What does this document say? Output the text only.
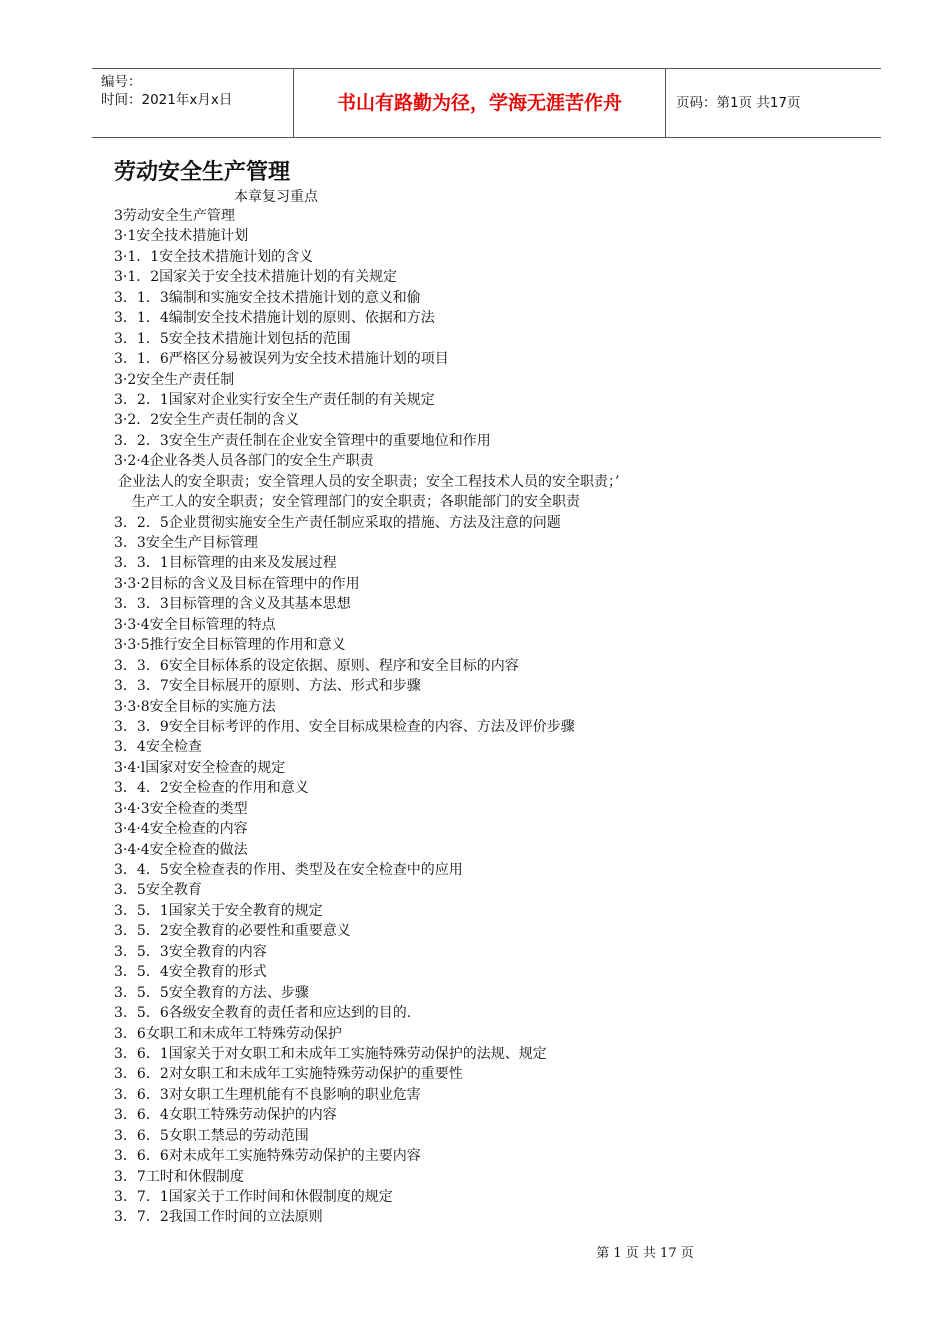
编号：
时间：2021年x月x日	书山有路勤为径，学海无涯苦作舟	页码：第1页 共17页
劳动安全生产管理
本章复习重点
3劳动安全生产管理
3·1安全技术措施计划
3·1．1安全技术措施计划的含义
3·1．2国家关于安全技术措施计划的有关规定
3．1．3编制和实施安全技术措施计划的意义和偷
3．1．4编制安全技术措施计划的原则、依据和方法
3．1．5安全技术措施计划包括的范围
3．1．6严格区分易被误列为安全技术措施计划的项目
3·2安全生产责任制
3．2．1国家对企业实行安全生产责任制的有关规定
3·2．2安全生产责任制的含义
3．2．3安全生产责任制在企业安全管理中的重要地位和作用
3·2·4企业各类人员各部门的安全生产职责
企业法人的安全职责；安全管理人员的安全职责；安全工程技术人员的安全职责；’
生产工人的安全职责；安全管理部门的安全职责；各职能部门的安全职责
3．2．5企业贯彻实施安全生产责任制应采取的措施、方法及注意的问题
3．3安全生产目标管理
3．3．1目标管理的由来及发展过程
3·3·2目标的含义及目标在管理中的作用
3．3．3目标管理的含义及其基本思想
3·3·4安全目标管理的特点
3·3·5推行安全目标管理的作用和意义
3．3．6安全目标体系的设定依据、原则、程序和安全目标的内容
3．3．7安全目标展开的原则、方法、形式和步骤
3·3·8安全目标的实施方法
3．3．9安全目标考评的作用、安全目标成果检查的内容、方法及评价步骤
3．4安全检查
3·4·l国家对安全检查的规定
3．4．2安全检查的作用和意义
3·4·3安全检查的类型
3·4·4安全检查的内容
3·4·4安全检查的做法
3．4．5安全检查表的作用、类型及在安全检查中的应用
3．5安全教育
3．5．1国家关于安全教育的规定
3．5．2安全教育的必要性和重要意义
3．5．3安全教育的内容
3．5．4安全教育的形式
3．5．5安全教育的方法、步骤
3．5．6各级安全教育的责任者和应达到的目的.
3．6女职工和未成年工特殊劳动保护
3．6．1国家关于对女职工和未成年工实施特殊劳动保护的法规、规定
3．6．2对女职工和未成年工实施特殊劳动保护的重要性
3．6．3对女职工生理机能有不良影响的职业危害
3．6．4女职工特殊劳动保护的内容
3．6．5女职工禁忌的劳动范围
3．6．6对未成年工实施特殊劳动保护的主要内容
3．7工时和休假制度
3．7．1国家关于工作时间和休假制度的规定
3．7．2我国工作时间的立法原则
第 1 页 共 17 页
